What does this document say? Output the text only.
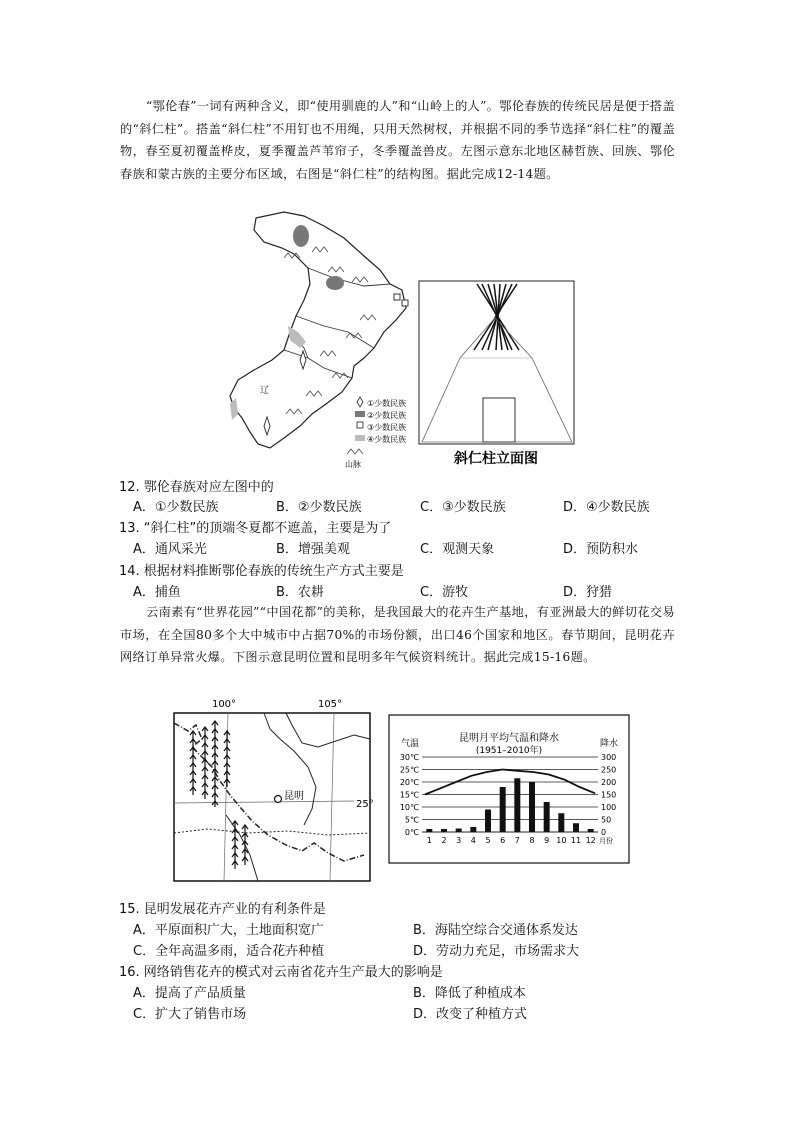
“鄂伦春”一词有两种含义，即“使用驯鹿的人”和“山岭上的人”。鄂伦春族的传统民居是便于搭盖的“斜仁柱”。搭盖“斜仁柱”不用钉也不用绳，只用天然树杈，并根据不同的季节选择“斜仁柱”的覆盖物，春至夏初覆盖桦皮，夏季覆盖芦苇帘子，冬季覆盖兽皮。左图示意东北地区赫哲族、回族、鄂伦春族和蒙古族的主要分布区域，右图是“斜仁柱”的结构图。据此完成12-14题。
辽
①少数民族
②少数民族
③少数民族
④少数民族
山脉	斜仁柱立面图
12. 鄂伦春族对应左图中的
A．①少数民族	B．②少数民族	C．③少数民族	D．④少数民族
13. “斜仁柱”的顶端冬夏都不遮盖，主要是为了
A．通风采光	B．增强美观	C．观测天象	D．预防积水
14. 根据材料推断鄂伦春族的传统生产方式主要是
A．捕鱼	B．农耕	C．游牧	D．狩猎
云南素有“世界花园”“中国花都”的美称，是我国最大的花卉生产基地，有亚洲最大的鲜切花交易市场，在全国80多个大中城市中占据70%的市场份额，出口46个国家和地区。春节期间，昆明花卉网络订单异常火爆。下图示意昆明位置和昆明多年气候资料统计。据此完成15-16题。
100°	105°
25°
昆明
昆明月平均气温和降水
(1951–2010年)
气温	降水
30℃	300
25℃	250
20℃	200
15℃	150
10℃	100
5℃	50
0℃	0
1 2 3 4 5 6 7 8 9 10 11 12 月份
15. 昆明发展花卉产业的有利条件是
A．平原面积广大，土地面积宽广	B．海陆空综合交通体系发达
C．全年高温多雨，适合花卉种植	D．劳动力充足，市场需求大
16. 网络销售花卉的模式对云南省花卉生产最大的影响是
A．提高了产品质量	B．降低了种植成本
C．扩大了销售市场	D．改变了种植方式
